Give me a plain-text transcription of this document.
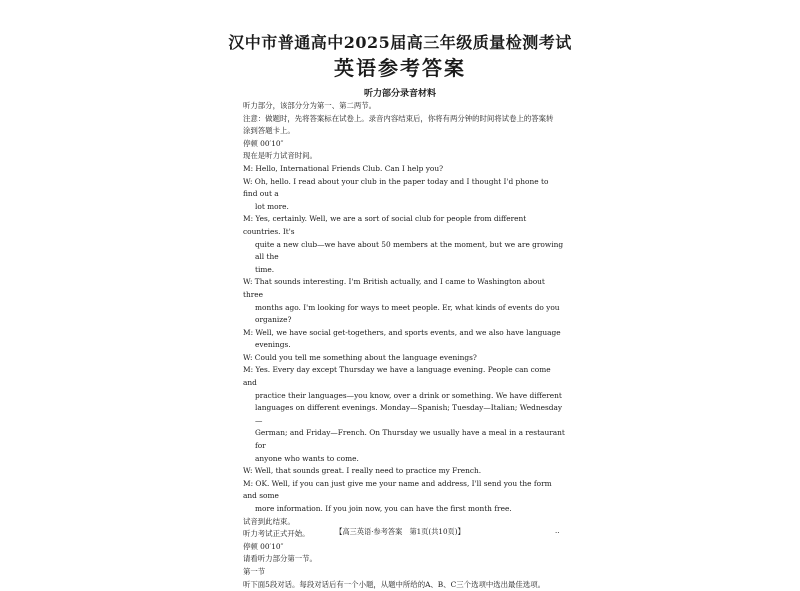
汉中市普通高中2025届高三年级质量检测考试
英语参考答案
听力部分录音材料
听力部分，该部分分为第一、第二两节。
注意：做题时，先将答案标在试卷上。录音内容结束后，你将有两分钟的时间将试卷上的答案转
涂到答题卡上。
停顿 00′10″
现在是听力试音时间。
M: Hello, International Friends Club. Can I help you?
W: Oh, hello. I read about your club in the paper today and I thought I'd phone to find out a
lot more.
M: Yes, certainly. Well, we are a sort of social club for people from different countries. It's
quite a new club—we have about 50 members at the moment, but we are growing all the
time.
W: That sounds interesting. I'm British actually, and I came to Washington about three
months ago. I'm looking for ways to meet people. Er, what kinds of events do you
organize?
M: Well, we have social get-togethers, and sports events, and we also have language
evenings.
W: Could you tell me something about the language evenings?
M: Yes. Every day except Thursday we have a language evening. People can come and
practice their languages—you know, over a drink or something. We have different
languages on different evenings. Monday—Spanish; Tuesday—Italian; Wednesday—
German; and Friday—French. On Thursday we usually have a meal in a restaurant for
anyone who wants to come.
W: Well, that sounds great. I really need to practice my French.
M: OK. Well, if you can just give me your name and address, I'll send you the form and some
more information. If you join now, you can have the first month free.
试音到此结束。
听力考试正式开始。
停顿 00′10″
请看听力部分第一节。
第一节
听下面5段对话。每段对话后有一个小题，从题中所给的A、B、C三个选项中选出最佳选项。
【高三英语·参考答案　第1页(共10页)】	..
